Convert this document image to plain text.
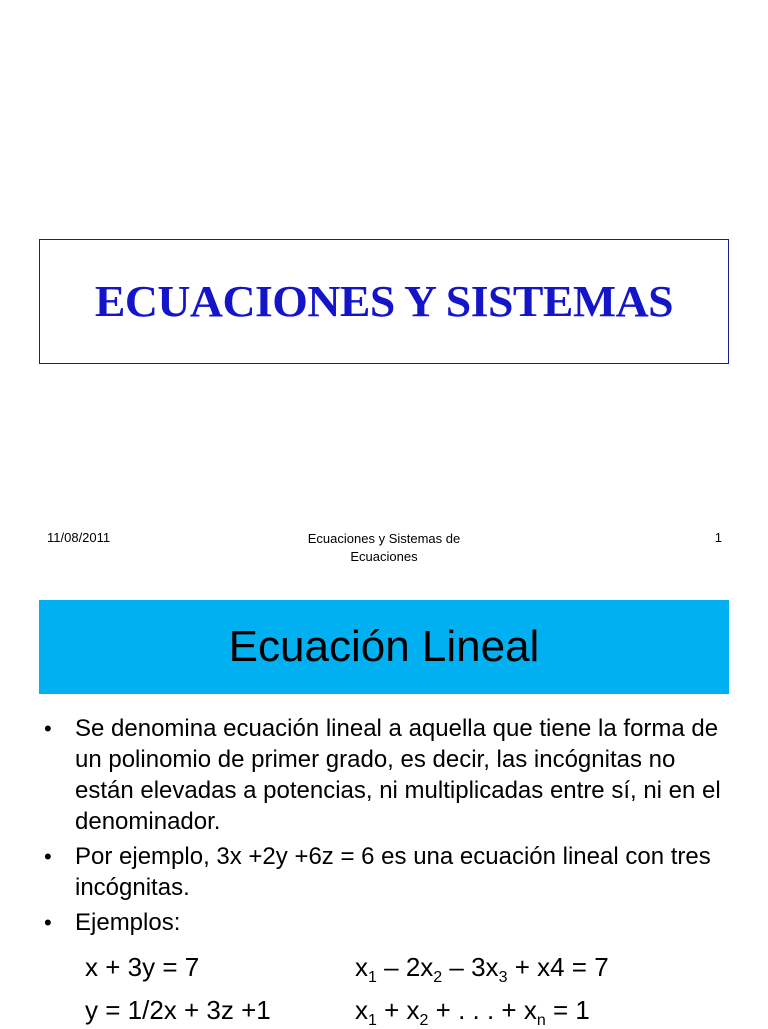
ECUACIONES Y SISTEMAS
11/08/2011	Ecuaciones y Sistemas de
Ecuaciones
1
Ecuación Lineal
• Se denomina ecuación lineal a aquella que tiene la forma de un polinomio de primer grado, es decir, las incógnitas no están elevadas a potencias, ni multiplicadas entre sí, ni en el denominador.
• Por ejemplo, 3x +2y +6z = 6 es una ecuación lineal con tres incógnitas.
• Ejemplos:
x + 3y = 7
y = 1/2x + 3z +1
$x_1 - 2x_2 - 3x_3 + x4 = 7$
$x_1 + x_2$ + . . . + $x_n = 1$
